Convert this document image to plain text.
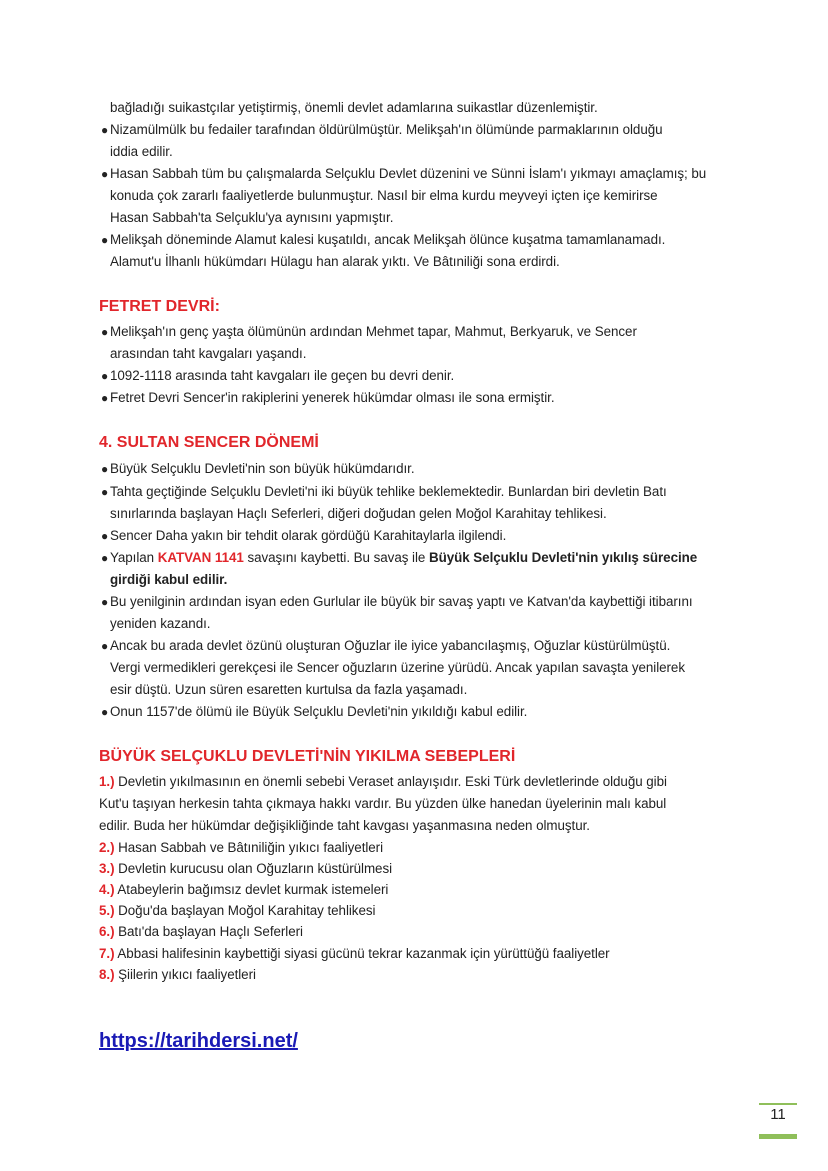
bağladığı suikastçılar yetiştirmiş, önemli devlet adamlarına suikastlar düzenlemiştir.
● Nizamülmülk bu fedailer tarafından öldürülmüştür. Melikşah'ın ölümünde parmaklarının olduğu
iddia edilir.
● Hasan Sabbah tüm bu çalışmalarda Selçuklu Devlet düzenini ve Sünni İslam'ı yıkmayı amaçlamış; bu
konuda çok zararlı faaliyetlerde bulunmuştur. Nasıl bir elma kurdu meyveyi içten içe kemirirse
Hasan Sabbah'ta Selçuklu'ya aynısını yapmıştır.
● Melikşah döneminde Alamut kalesi kuşatıldı, ancak Melikşah ölünce kuşatma tamamlanamadı.
Alamut'u İlhanlı hükümdarı Hülagu han alarak yıktı. Ve Bâtıniliği sona erdirdi.
FETRET DEVRİ:
● Melikşah'ın genç yaşta ölümünün ardından Mehmet tapar, Mahmut, Berkyaruk, ve Sencer
arasından taht kavgaları yaşandı.
● 1092-1118 arasında taht kavgaları ile geçen bu devri denir.
● Fetret Devri Sencer'in rakiplerini yenerek hükümdar olması ile sona ermiştir.
4. SULTAN SENCER DÖNEMİ
● Büyük Selçuklu Devleti'nin son büyük hükümdarıdır.
● Tahta geçtiğinde Selçuklu Devleti'ni iki büyük tehlike beklemektedir. Bunlardan biri devletin Batı
sınırlarında başlayan Haçlı Seferleri, diğeri doğudan gelen Moğol Karahitay tehlikesi.
● Sencer Daha yakın bir tehdit olarak gördüğü Karahitaylarla ilgilendi.
● Yapılan KATVAN 1141 savaşını kaybetti. Bu savaş ile Büyük Selçuklu Devleti'nin yıkılış sürecine
girdiği kabul edilir.
● Bu yenilginin ardından isyan eden Gurlular ile büyük bir savaş yaptı ve Katvan'da kaybettiği itibarını
yeniden kazandı.
● Ancak bu arada devlet özünü oluşturan Oğuzlar ile iyice yabancılaşmış, Oğuzlar küstürülmüştü.
Vergi vermedikleri gerekçesi ile Sencer oğuzların üzerine yürüdü. Ancak yapılan savaşta yenilerek
esir düştü. Uzun süren esaretten kurtulsa da fazla yaşamadı.
● Onun 1157'de ölümü ile Büyük Selçuklu Devleti'nin yıkıldığı kabul edilir.
BÜYÜK SELÇUKLU DEVLETİ'NİN YIKILMA SEBEPLERİ
1.) Devletin yıkılmasının en önemli sebebi Veraset anlayışıdır. Eski Türk devletlerinde olduğu gibi
Kut'u taşıyan herkesin tahta çıkmaya hakkı vardır. Bu yüzden ülke hanedan üyelerinin malı kabul
edilir. Buda her hükümdar değişikliğinde taht kavgası yaşanmasına neden olmuştur.
2.) Hasan Sabbah ve Bâtıniliğin yıkıcı faaliyetleri
3.) Devletin kurucusu olan Oğuzların küstürülmesi
4.) Atabeylerin bağımsız devlet kurmak istemeleri
5.) Doğu'da başlayan Moğol Karahitay tehlikesi
6.) Batı'da başlayan Haçlı Seferleri
7.) Abbasi halifesinin kaybettiği siyasi gücünü tekrar kazanmak için yürüttüğü faaliyetler
8.) Şiilerin yıkıcı faaliyetleri
https://tarihdersi.net/
11
